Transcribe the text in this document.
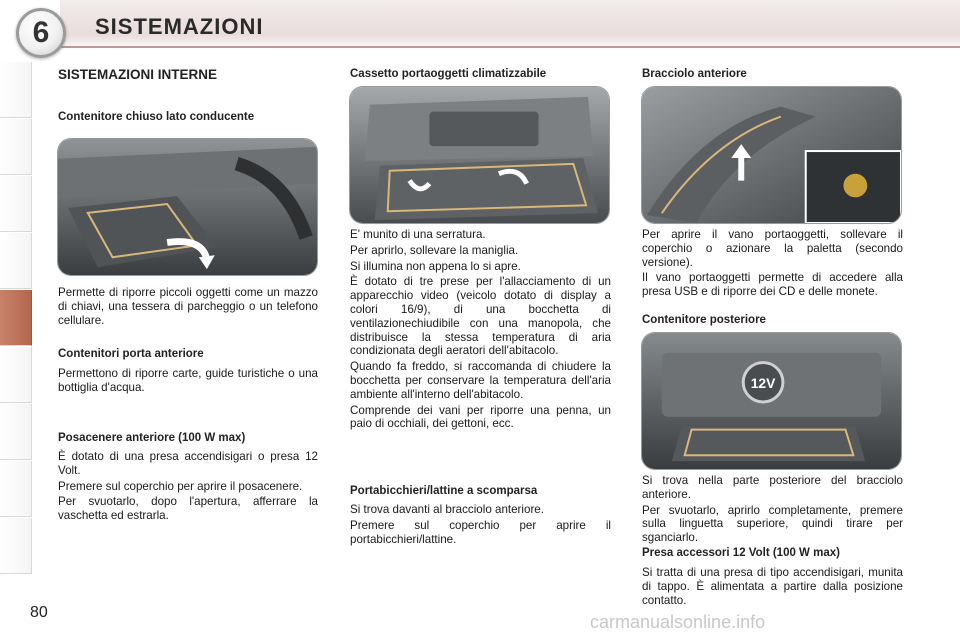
6	SISTEMAZIONI
SISTEMAZIONI INTERNE
Contenitore chiuso lato conducente

Permette di riporre piccoli oggetti come un mazzo di chiavi, una tessera di parcheggio o un telefono cellulare.

Contenitori porta anteriore

Permettono di riporre carte, guide turistiche o una bottiglia d'acqua.

Posacenere anteriore (100 W max)

È dotato di una presa accendisigari o presa 12 Volt.

Premere sul coperchio per aprire il posacenere.

Per svuotarlo, dopo l'apertura, afferrare la vaschetta ed estrarla.

Cassetto portaoggetti climatizzabile

E' munito di una serratura.

Per aprirlo, sollevare la maniglia.

Si illumina non appena lo si apre.

È dotato di tre prese per l'allacciamento di un apparecchio video (veicolo dotato di display a colori 16/9), di una bocchetta di ventilazionechiudibile con una manopola, che distribuisce la stessa temperatura di aria condizionata degli aeratori dell'abitacolo.

Quando fa freddo, si raccomanda di chiudere la bocchetta per conservare la temperatura dell'aria ambiente all'interno dell'abitacolo.

Comprende dei vani per riporre una penna, un paio di occhiali, dei gettoni, ecc.

Portabicchieri/lattine a scomparsa

Si trova davanti al bracciolo anteriore.

Premere sul coperchio per aprire il portabicchieri/lattine.

Bracciolo anteriore

Per aprire il vano portaoggetti, sollevare il coperchio o azionare la paletta (secondo versione).

Il vano portaoggetti permette di accedere alla presa USB e di riporre dei CD e delle monete.

Contenitore posteriore
12V

Si trova nella parte posteriore del bracciolo anteriore.

Per svuotarlo, aprirlo completamente, premere sulla linguetta superiore, quindi tirare per sganciarlo.

Presa accessori 12 Volt (100 W max)

Si tratta di una presa di tipo accendisigari, munita di tappo. È alimentata a partire dalla posizione contatto.

80	carmanualsonline.info
